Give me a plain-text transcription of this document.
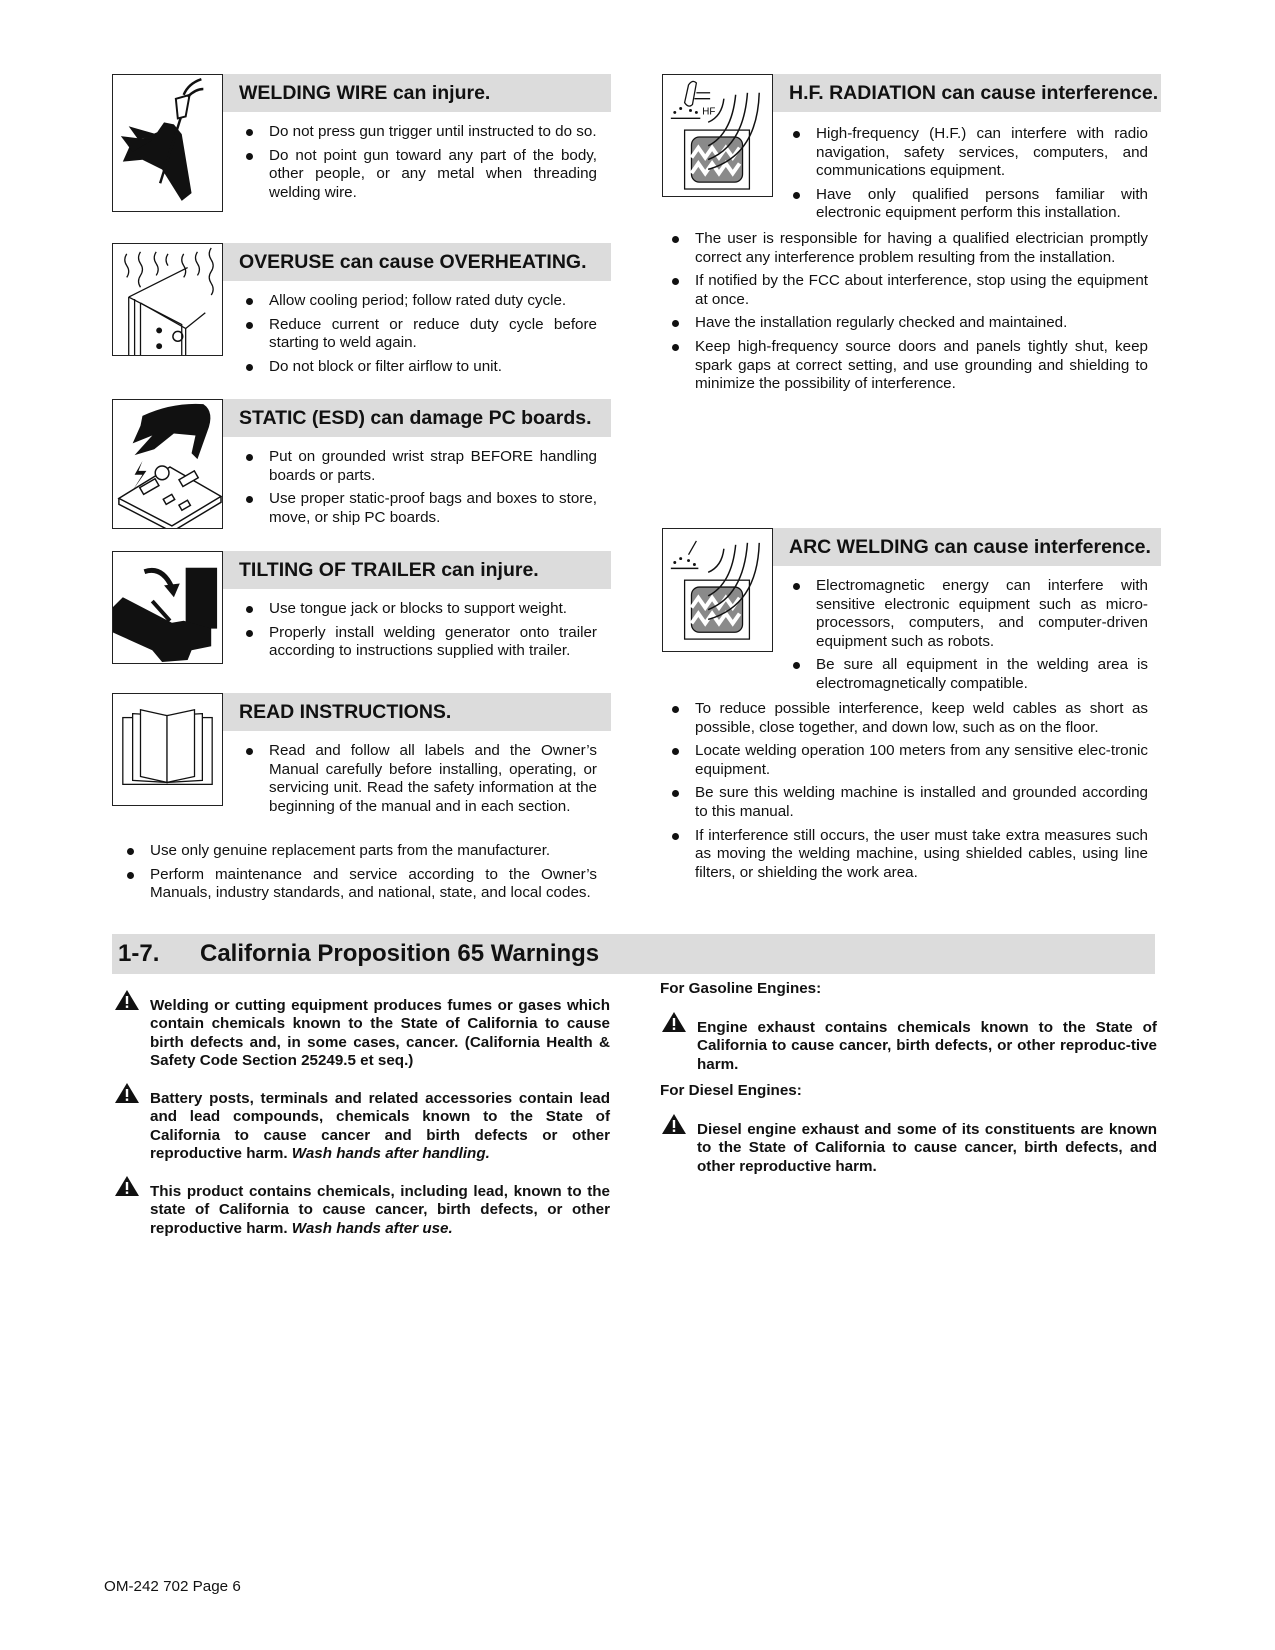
WELDING WIRE can injure.
Do not press gun trigger until instructed to do so.
Do not point gun toward any part of the body, other people, or any metal when threading welding wire.
OVERUSE can cause OVERHEATING.
Allow cooling period; follow rated duty cycle.
Reduce current or reduce duty cycle before starting to weld again.
Do not block or filter airflow to unit.
STATIC (ESD) can damage PC boards.
Put on grounded wrist strap BEFORE handling boards or parts.
Use proper static-proof bags and boxes to store, move, or ship PC boards.
TILTING OF TRAILER can injure.
Use tongue jack or blocks to support weight.
Properly install welding generator onto trailer according to instructions supplied with trailer.
READ INSTRUCTIONS.
Read and follow all labels and the Owner’s Manual carefully before installing, operating, or servicing unit. Read the safety information at the beginning of the manual and in each section.
Use only genuine replacement parts from the manufacturer.
Perform maintenance and service according to the Owner’s Manuals, industry standards, and national, state, and local codes.
HF
H.F. RADIATION can cause interference.
High-frequency (H.F.) can interfere with radio navigation, safety services, computers, and communications equipment.
Have only qualified persons familiar with electronic equipment perform this installation.
The user is responsible for having a qualified electrician promptly correct any interference problem resulting from the installation.
If notified by the FCC about interference, stop using the equipment at once.
Have the installation regularly checked and maintained.
Keep high-frequency source doors and panels tightly shut, keep spark gaps at correct setting, and use grounding and shielding to minimize the possibility of interference.
ARC WELDING can cause interference.
Electromagnetic energy can interfere with sensitive electronic equipment such as micro-processors, computers, and computer-driven equipment such as robots.
Be sure all equipment in the welding area is electromagnetically compatible.
To reduce possible interference, keep weld cables as short as possible, close together, and down low, such as on the floor.
Locate welding operation 100 meters from any sensitive elec-tronic equipment.
Be sure this welding machine is installed and grounded according to this manual.
If interference still occurs, the user must take extra measures such as moving the welding machine, using shielded cables, using line filters, or shielding the work area.
1-7. California Proposition 65 Warnings
Welding or cutting equipment produces fumes or gases which contain chemicals known to the State of California to cause birth defects and, in some cases, cancer. (California Health & Safety Code Section 25249.5 et seq.)
Battery posts, terminals and related accessories contain lead and lead compounds, chemicals known to the State of California to cause cancer and birth defects or other reproductive harm. Wash hands after handling.
This product contains chemicals, including lead, known to the state of California to cause cancer, birth defects, or other reproductive harm. Wash hands after use.
For Gasoline Engines:
Engine exhaust contains chemicals known to the State of California to cause cancer, birth defects, or other reproduc-tive harm.
For Diesel Engines:
Diesel engine exhaust and some of its constituents are known to the State of California to cause cancer, birth defects, and other reproductive harm.
OM-242 702 Page 6
